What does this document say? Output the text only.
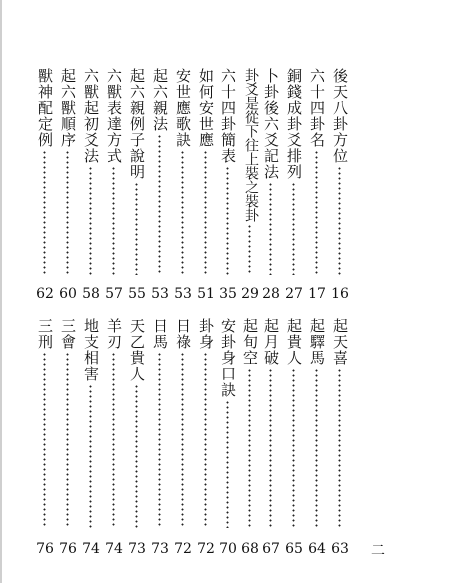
後天八卦方位
16
六十四卦名
17
銅錢成卦爻排列
27
卜卦後六爻記法
28
卦爻是從下往上裝之裝卦
29
六十四卦簡表
35
如何安世應
51
安世應歌訣
53
起六親法
53
起六親例子說明
55
六獸表達方式
57
六獸起初爻法
58
起六獸順序
60
獸神配定例
62
起天喜
63
起驛馬
64
起貴人
65
起月破
67
起旬空
68
安卦身口訣
70
卦身
72
日祿
72
日馬
73
天乙貴人
73
羊刃
74
地支相害
74
三會
76
三刑
76	二
